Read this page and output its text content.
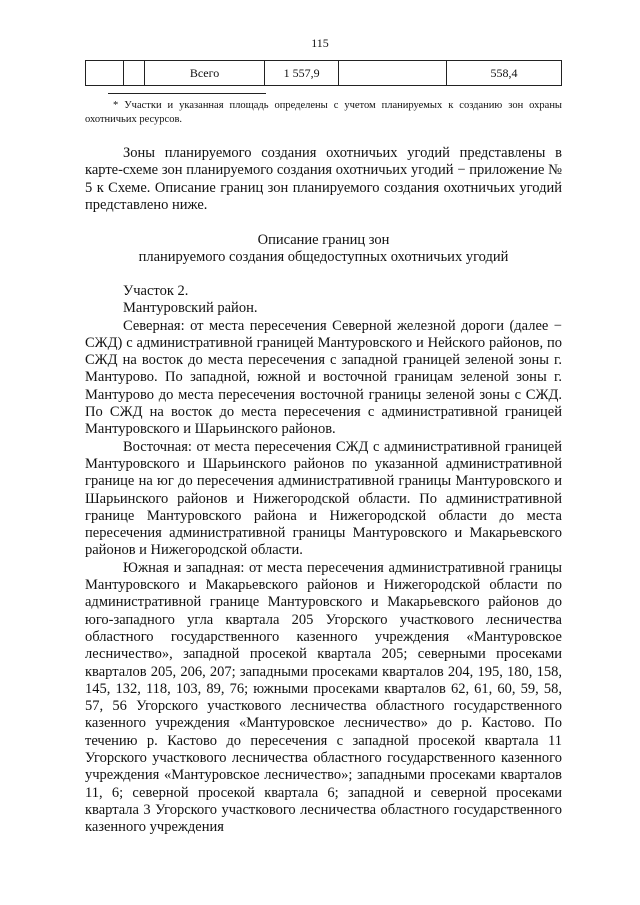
115
		Всего	1 557,9		558,4
* Участки и указанная площадь определены с учетом планируемых к созданию зон охраны охотничьих ресурсов.

Зоны планируемого создания охотничьих угодий представлены в карте-схеме зон планируемого создания охотничьих угодий − приложение № 5 к Схеме. Описание границ зон планируемого создания охотничьих угодий представлено ниже.

Описание границ зон

планируемого создания общедоступных охотничьих угодий

Участок 2.

Мантуровский район.

Северная: от места пересечения Северной железной дороги (далее − СЖД) с административной границей Мантуровского и Нейского районов, по СЖД на восток до места пересечения с западной границей зеленой зоны г. Мантурово. По западной, южной и восточной границам зеленой зоны г. Мантурово до места пересечения восточной границы зеленой зоны с СЖД. По СЖД на восток до места пересечения с административной границей Мантуровского и Шарьинского районов.

Восточная: от места пересечения СЖД с административной границей Мантуровского и Шарьинского районов по указанной административной границе на юг до пересечения административной границы Мантуровского и Шарьинского районов и Нижегородской области. По административной границе Мантуровского района и Нижегородской области до места пересечения административной границы Мантуровского и Макарьевского районов и Нижегородской области.

Южная и западная: от места пересечения административной границы Мантуровского и Макарьевского районов и Нижегородской области по административной границе Мантуровского и Макарьевского районов до юго-западного угла квартала 205 Угорского участкового лесничества областного государственного казенного учреждения «Мантуровское лесничество», западной просекой квартала 205; северными просеками кварталов 205, 206, 207; западными просеками кварталов 204, 195, 180, 158, 145, 132, 118, 103, 89, 76; южными просеками кварталов 62, 61, 60, 59, 58, 57, 56 Угорского участкового лесничества областного государственного казенного учреждения «Мантуровское лесничество» до р. Кастово. По течению р. Кастово до пересечения с западной просекой квартала 11 Угорского участкового лесничества областного государственного казенного учреждения «Мантуровское лесничество»; западными просеками кварталов 11, 6; северной просекой квартала 6; западной и северной просеками квартала 3 Угорского участкового лесничества областного государственного казенного учреждения
